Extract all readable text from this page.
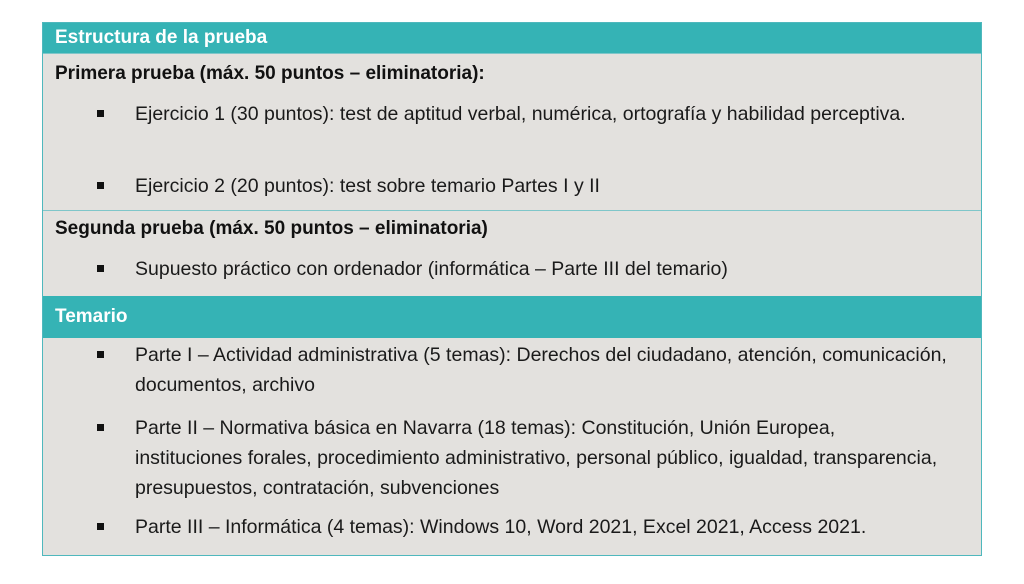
Estructura de la prueba
Primera prueba (máx. 50 puntos – eliminatoria):
Ejercicio 1 (30 puntos): test de aptitud verbal, numérica, ortografía y habilidad perceptiva.
Ejercicio 2 (20 puntos): test sobre temario Partes I y II
Segunda prueba (máx. 50 puntos – eliminatoria)
Supuesto práctico con ordenador (informática – Parte III del temario)
Temario
Parte I – Actividad administrativa (5 temas): Derechos del ciudadano, atención, comunicación, documentos, archivo
Parte II – Normativa básica en Navarra (18 temas): Constitución, Unión Europea, instituciones forales, procedimiento administrativo, personal público, igualdad, transparencia, presupuestos, contratación, subvenciones
Parte III – Informática (4 temas): Windows 10, Word 2021, Excel 2021, Access 2021.
